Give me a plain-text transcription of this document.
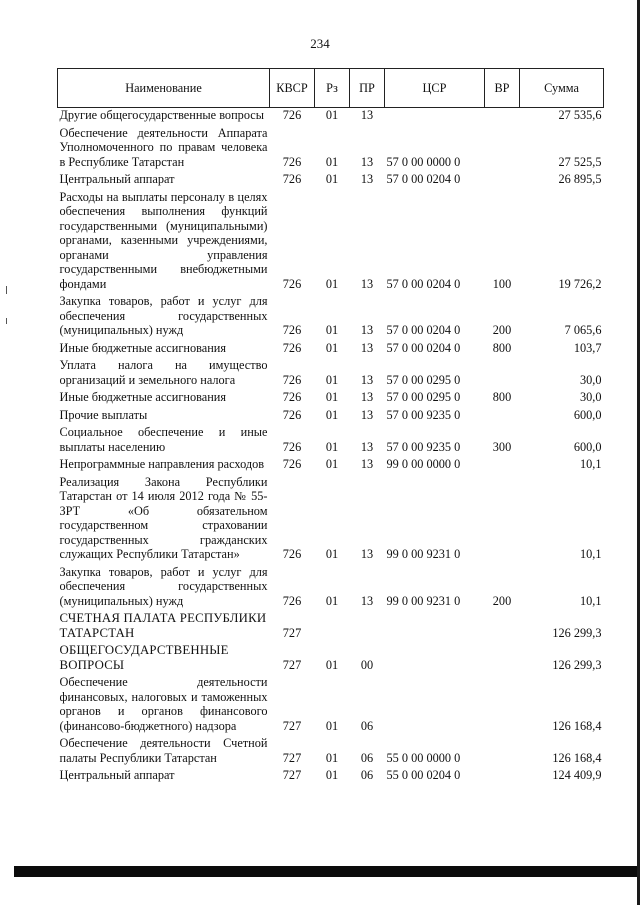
234
Наименование	КВСР	Рз	ПР	ЦСР	ВР	Сумма

Другие общегосударственные вопросы	726	01	13			27 535,6

Обеспечение деятельности Аппарата Уполномоченного по правам человека в Республике Татарстан	726	01	13	57 0 00 0000 0		27 525,5

Центральный аппарат	726	01	13	57 0 00 0204 0		26 895,5

Расходы на выплаты персоналу в целях обеспечения выполнения функций государственными (муниципальными) органами, казенными учреждениями, органами управления государственными внебюджетными фондами	726	01	13	57 0 00 0204 0	100	19 726,2

Закупка товаров, работ и услуг для обеспечения государственных (муниципальных) нужд	726	01	13	57 0 00 0204 0	200	7 065,6

Иные бюджетные ассигнования	726	01	13	57 0 00 0204 0	800	103,7

Уплата налога на имущество организаций и земельного налога	726	01	13	57 0 00 0295 0		30,0

Иные бюджетные ассигнования	726	01	13	57 0 00 0295 0	800	30,0

Прочие выплаты	726	01	13	57 0 00 9235 0		600,0

Социальное обеспечение и иные выплаты населению	726	01	13	57 0 00 9235 0	300	600,0

Непрограммные направления расходов	726	01	13	99 0 00 0000 0		10,1

Реализация Закона Республики Татарстан от 14 июля 2012 года № 55-ЗРТ «Об обязательном государственном страховании государственных гражданских служащих Республики Татарстан»	726	01	13	99 0 00 9231 0		10,1

Закупка товаров, работ и услуг для обеспечения государственных (муниципальных) нужд	726	01	13	99 0 00 9231 0	200	10,1

СЧЕТНАЯ ПАЛАТА РЕСПУБЛИКИ
ТАТАРСТАН	727					126 299,3

ОБЩЕГОСУДАРСТВЕННЫЕ
ВОПРОСЫ	727	01	00			126 299,3

Обеспечение деятельности финансовых, налоговых и таможенных органов и органов финансового (финансово-бюджетного) надзора	727	01	06			126 168,4

Обеспечение деятельности Счетной палаты Республики Татарстан	727	01	06	55 0 00 0000 0		126 168,4

Центральный аппарат	727	01	06	55 0 00 0204 0		124 409,9
